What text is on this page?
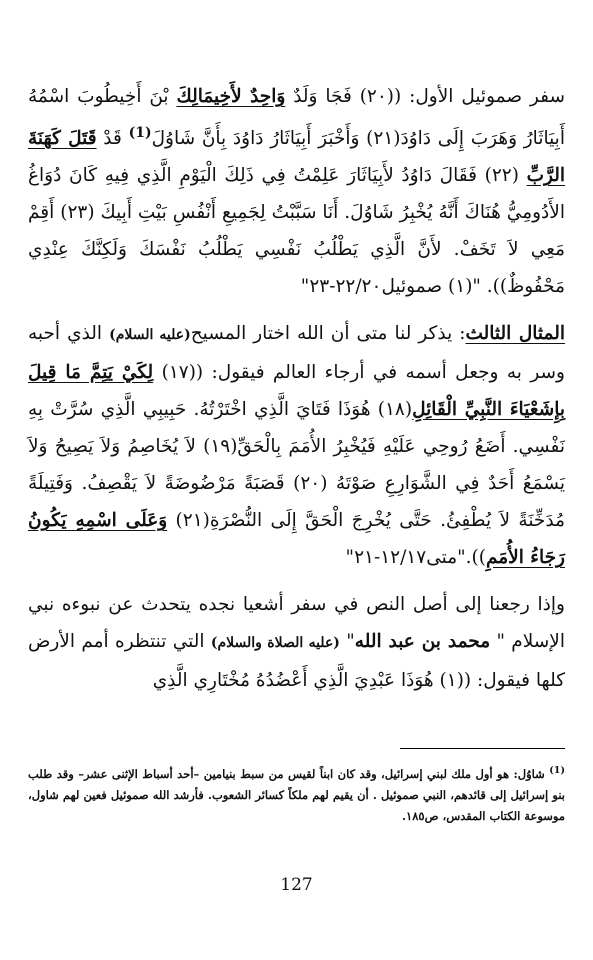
سفر صموئيل الأول: ((٢٠) فَجَا وَلَدٌ وَاحِدٌ لأَخِيمَالِكَ بْنَ أَخِيطُوبَ اسْمُهُ أَبِيَاثَارُ وَهَرَبَ إِلَى دَاوُدَ(٢١) وَأَخْبَرَ أَبِيَاثَارُ دَاوُدَ بِأَنَّ شَاوُلَ$^{(1)}$ قَدْ قَتَلَ كَهَنَةَ الرَّبِّ (٢٢) فَقَالَ دَاوُدُ لأَبِيَاثَارَ عَلِمْتُ فِي ذَلِكَ الْيَوْمِ الَّذِي فِيهِ كَانَ دُوَاغُ الأَدُومِيُّ هُنَاكَ أَنَّهُ يُخْبِرُ شَاوُلَ. أَنَا سَبَّبْتُ لِجَمِيعِ أَنْفُسِ بَيْتِ أَبِيكَ (٢٣) أَقِمْ مَعِي لاَ تَخَفْ. لأَنَّ الَّذِي يَطْلُبُ نَفْسِي يَطْلُبُ نَفْسَكَ وَلَكِنَّكَ عِنْدِي مَحْفُوظٌ)). "(١) صموئيل٢٢/٢٠-٢٣"

المثال الثالث: يذكر لنا متى أن الله اختار المسيح(عليه السلام) الذي أحبه وسر به وجعل أسمه في أرجاء العالم فيقول: ((١٧) لِكَيْ يَتِمَّ مَا قِيلَ بِإِشَعْيَاءَ النَّبِيِّ الْقَائِلِ(١٨) هُوَذَا فَتَايَ الَّذِي اخْتَرْتُهُ. حَبِيبِي الَّذِي سُرَّتْ بِهِ نَفْسِي. أَضَعُ رُوحِي عَلَيْهِ فَيُخْبِرُ الأُمَمَ بِالْحَقِّ(١٩) لاَ يُخَاصِمُ وَلاَ يَصِيحُ وَلاَ يَسْمَعُ أَحَدٌ فِي الشَّوَارِعِ صَوْتَهُ (٢٠) قَصَبَةً مَرْضُوضَةً لاَ يَقْصِفُ. وَفَتِيلَةً مُدَخِّنَةً لاَ يُطْفِئُ. حَتَّى يُخْرِجَ الْحَقَّ إِلَى النُّصْرَةِ(٢١) وَعَلَى اسْمِهِ يَكُونُ رَجَاءُ الأُمَمِ))."متى١٢/١٧-٢١"

وإذا رجعنا إلى أصل النص في سفر أشعيا نجده يتحدث عن نبوءه نبي الإسلام " محمد بن عبد الله" (عليه الصلاة والسلام) التي تنتظره أمم الأرض كلها فيقول: ((١) هُوَذَا عَبْدِيَ الَّذِي أَعْضُدُهُ مُخْتَارِي الَّذِي

$^{(1)}$ شاوُل: هو أول ملك لبني إسرائيل، وقد كان ابناً لقيس من سبط بنيامين –أحد أسباط الإثنى عشر– وقد طلب بنو إسرائيل إلى قائدهم، النبي صموئيل . أن يقيم لهم ملكاً كسائر الشعوب. فأرشد الله صموئيل فعين لهم شاول، موسوعة الكتاب المقدس، ص١٨٥.

127
